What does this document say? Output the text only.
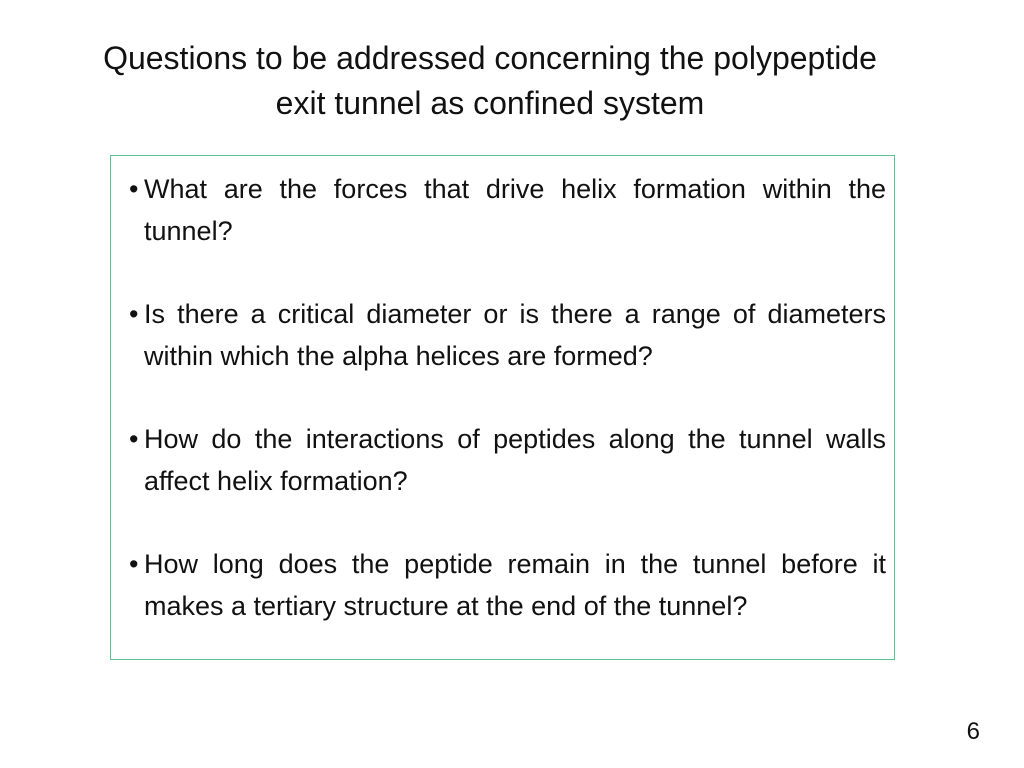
Questions to be addressed concerning the polypeptide exit tunnel as confined system
• What are the forces that drive helix formation within the tunnel?
• Is there a critical diameter or is there a range of diameters within which the alpha helices are formed?
• How do the interactions of peptides along the tunnel walls affect helix formation?
• How long does the peptide remain in the tunnel before it makes a tertiary structure at the end of the tunnel?
6
